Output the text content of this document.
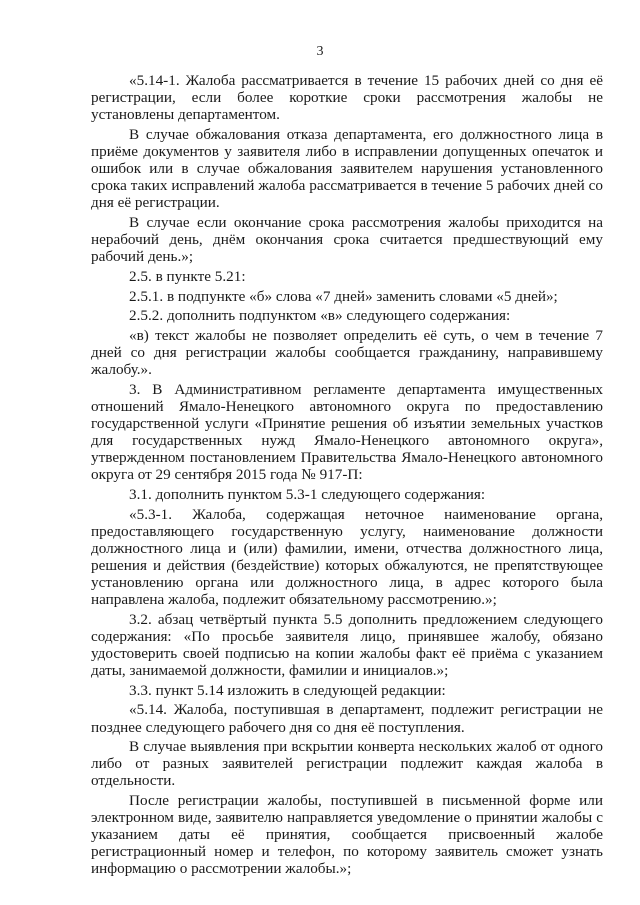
3

«5.14-1. Жалоба рассматривается в течение 15 рабочих дней со дня её регистрации, если более короткие сроки рассмотрения жалобы не установлены департаментом.

В случае обжалования отказа департамента, его должностного лица в приёме документов у заявителя либо в исправлении допущенных опечаток и ошибок или в случае обжалования заявителем нарушения установленного срока таких исправлений жалоба рассматривается в течение 5 рабочих дней со дня её регистрации.

В случае если окончание срока рассмотрения жалобы приходится на нерабочий день, днём окончания срока считается предшествующий ему рабочий день.»;

2.5. в пункте 5.21:

2.5.1. в подпункте «б» слова «7 дней» заменить словами «5 дней»;

2.5.2. дополнить подпунктом «в» следующего содержания:

«в) текст жалобы не позволяет определить её суть, о чем в течение 7 дней со дня регистрации жалобы сообщается гражданину, направившему жалобу.».

3. В Административном регламенте департамента имущественных отношений Ямало-Ненецкого автономного округа по предоставлению государственной услуги «Принятие решения об изъятии земельных участков для государственных нужд Ямало-Ненецкого автономного округа», утвержденном постановлением Правительства Ямало-Ненецкого автономного округа от 29 сентября 2015 года № 917-П:

3.1. дополнить пунктом 5.3-1 следующего содержания:

«5.3-1. Жалоба, содержащая неточное наименование органа, предоставляющего государственную услугу, наименование должности должностного лица и (или) фамилии, имени, отчества должностного лица, решения и действия (бездействие) которых обжалуются, не препятствующее установлению органа или должностного лица, в адрес которого была направлена жалоба, подлежит обязательному рассмотрению.»;

3.2. абзац четвёртый пункта 5.5 дополнить предложением следующего содержания: «По просьбе заявителя лицо, принявшее жалобу, обязано удостоверить своей подписью на копии жалобы факт её приёма с указанием даты, занимаемой должности, фамилии и инициалов.»;

3.3. пункт 5.14 изложить в следующей редакции:

«5.14. Жалоба, поступившая в департамент, подлежит регистрации не позднее следующего рабочего дня со дня её поступления.

В случае выявления при вскрытии конверта нескольких жалоб от одного либо от разных заявителей регистрации подлежит каждая жалоба в отдельности.

После регистрации жалобы, поступившей в письменной форме или электронном виде, заявителю направляется уведомление о принятии жалобы с указанием даты её принятия, сообщается присвоенный жалобе регистрационный номер и телефон, по которому заявитель сможет узнать информацию о рассмотрении жалобы.»;
